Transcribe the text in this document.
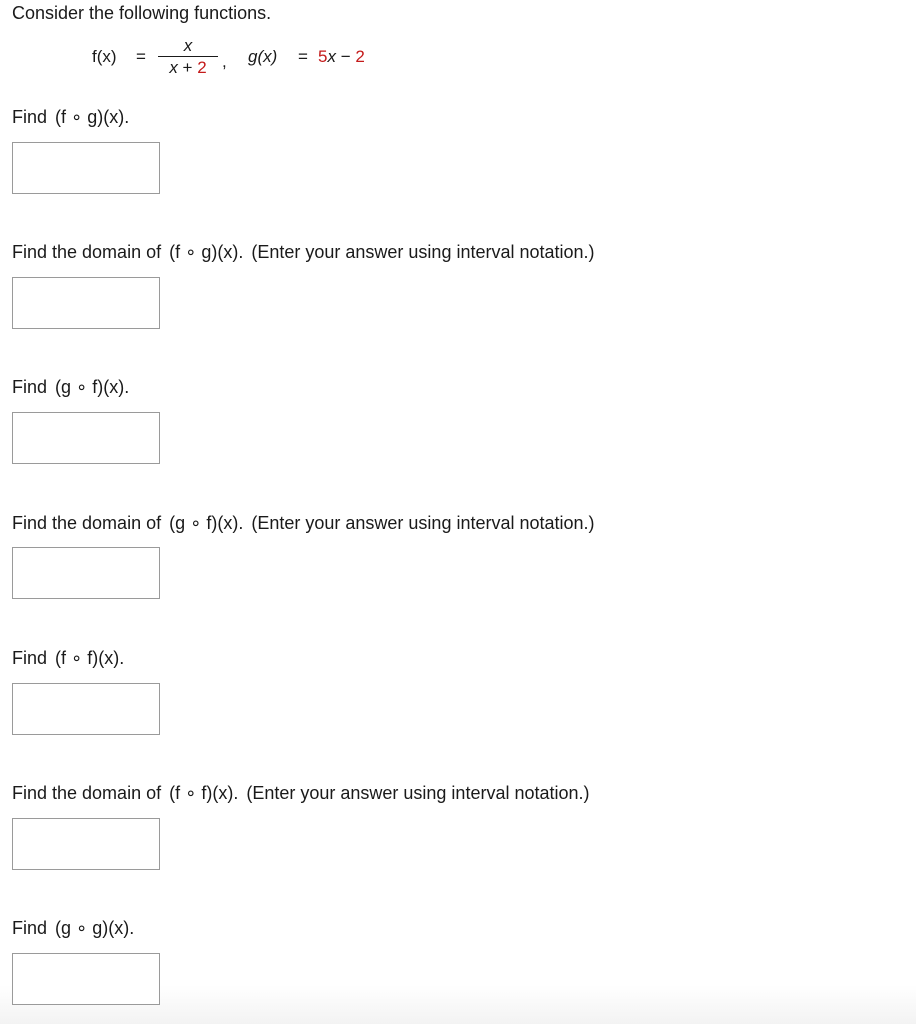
Consider the following functions.
f(x) =
x
x + 2 , g(x) = 5x − 2
Find (f ∘ g)(x).
Find the domain of (f ∘ g)(x). (Enter your answer using interval notation.)
Find (g ∘ f)(x).
Find the domain of (g ∘ f)(x). (Enter your answer using interval notation.)
Find (f ∘ f)(x).
Find the domain of (f ∘ f)(x). (Enter your answer using interval notation.)
Find (g ∘ g)(x).
